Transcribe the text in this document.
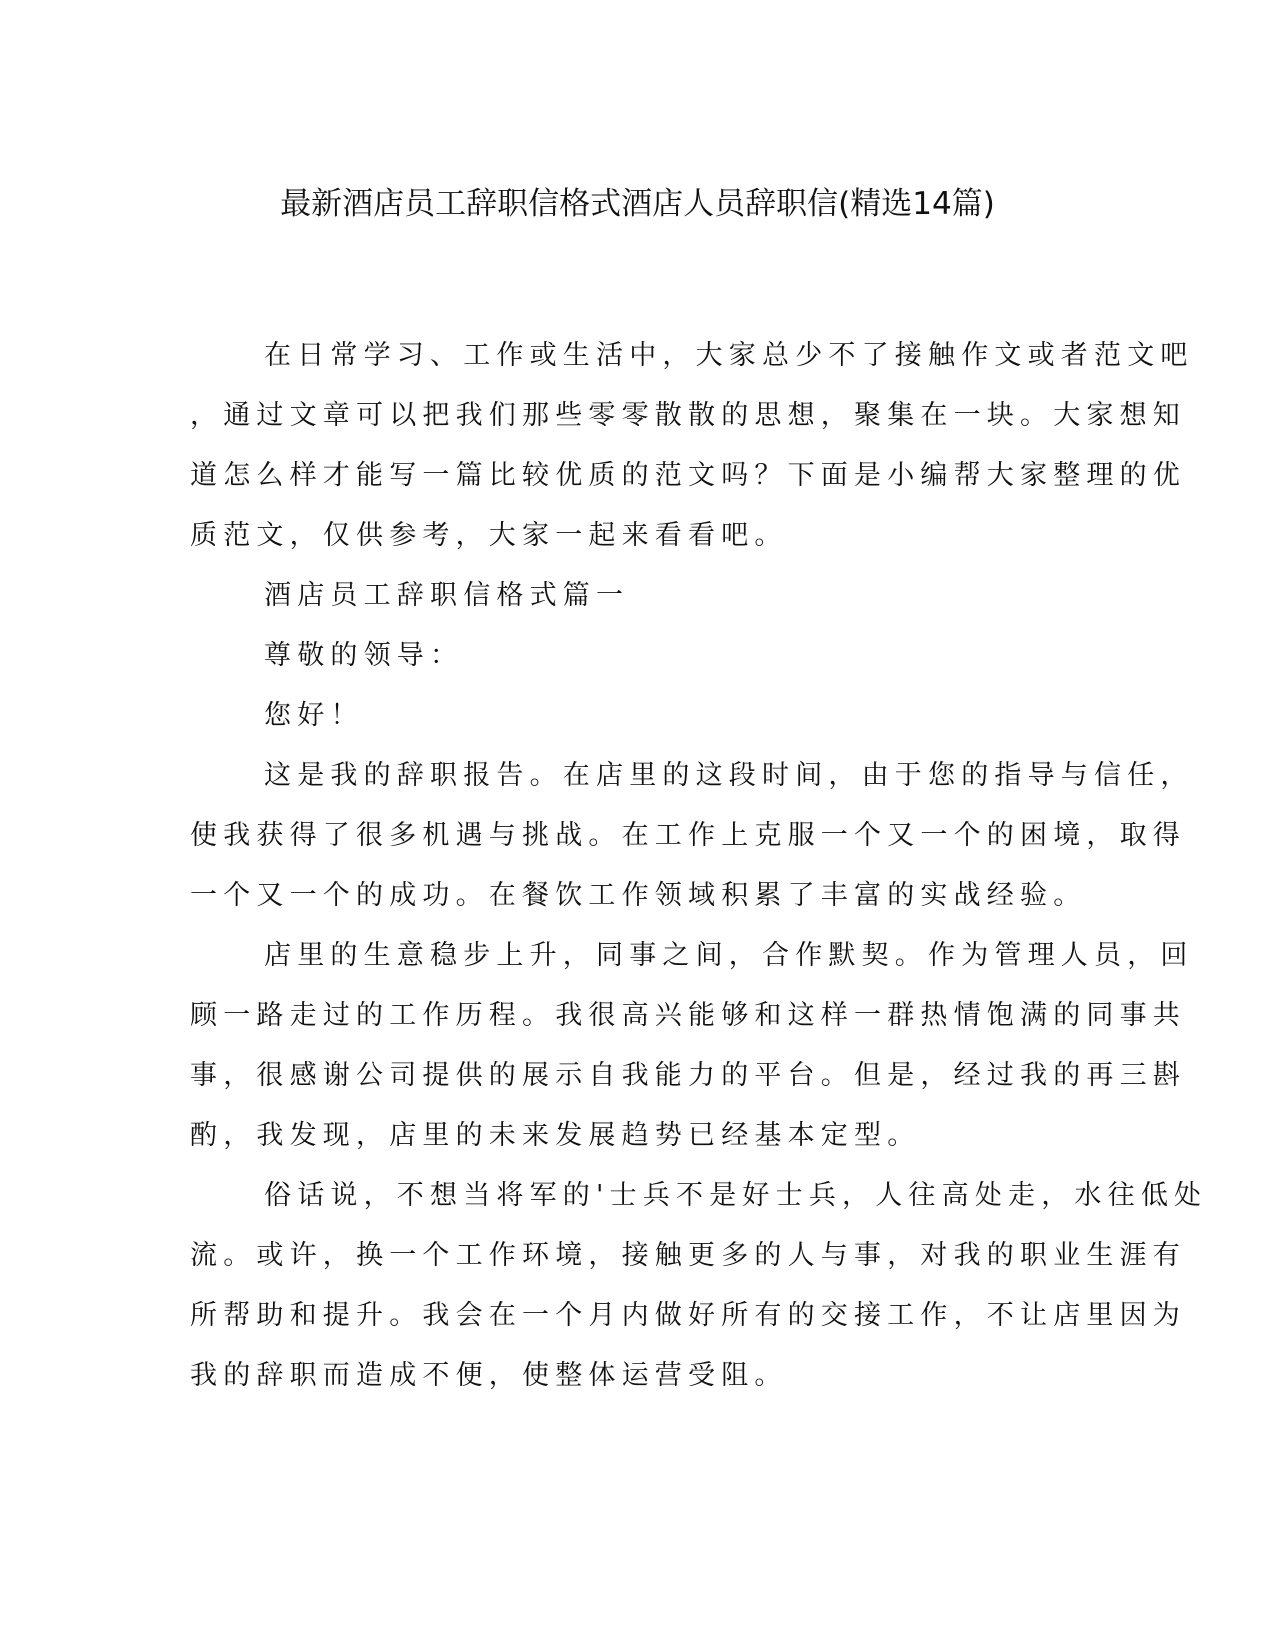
最新酒店员工辞职信格式酒店人员辞职信(精选14篇)
在日常学习、工作或生活中，大家总少不了接触作文或者范文吧
，通过文章可以把我们那些零零散散的思想，聚集在一块。大家想知
道怎么样才能写一篇比较优质的范文吗？下面是小编帮大家整理的优
质范文，仅供参考，大家一起来看看吧。
酒店员工辞职信格式篇一
尊敬的领导：
您好！
这是我的辞职报告。在店里的这段时间，由于您的指导与信任，
使我获得了很多机遇与挑战。在工作上克服一个又一个的困境，取得
一个又一个的成功。在餐饮工作领域积累了丰富的实战经验。
店里的生意稳步上升，同事之间，合作默契。作为管理人员，回
顾一路走过的工作历程。我很高兴能够和这样一群热情饱满的同事共
事，很感谢公司提供的展示自我能力的平台。但是，经过我的再三斟
酌，我发现，店里的未来发展趋势已经基本定型。
俗话说，不想当将军的'士兵不是好士兵，人往高处走，水往低处
流。或许，换一个工作环境，接触更多的人与事，对我的职业生涯有
所帮助和提升。我会在一个月内做好所有的交接工作，不让店里因为
我的辞职而造成不便，使整体运营受阻。
